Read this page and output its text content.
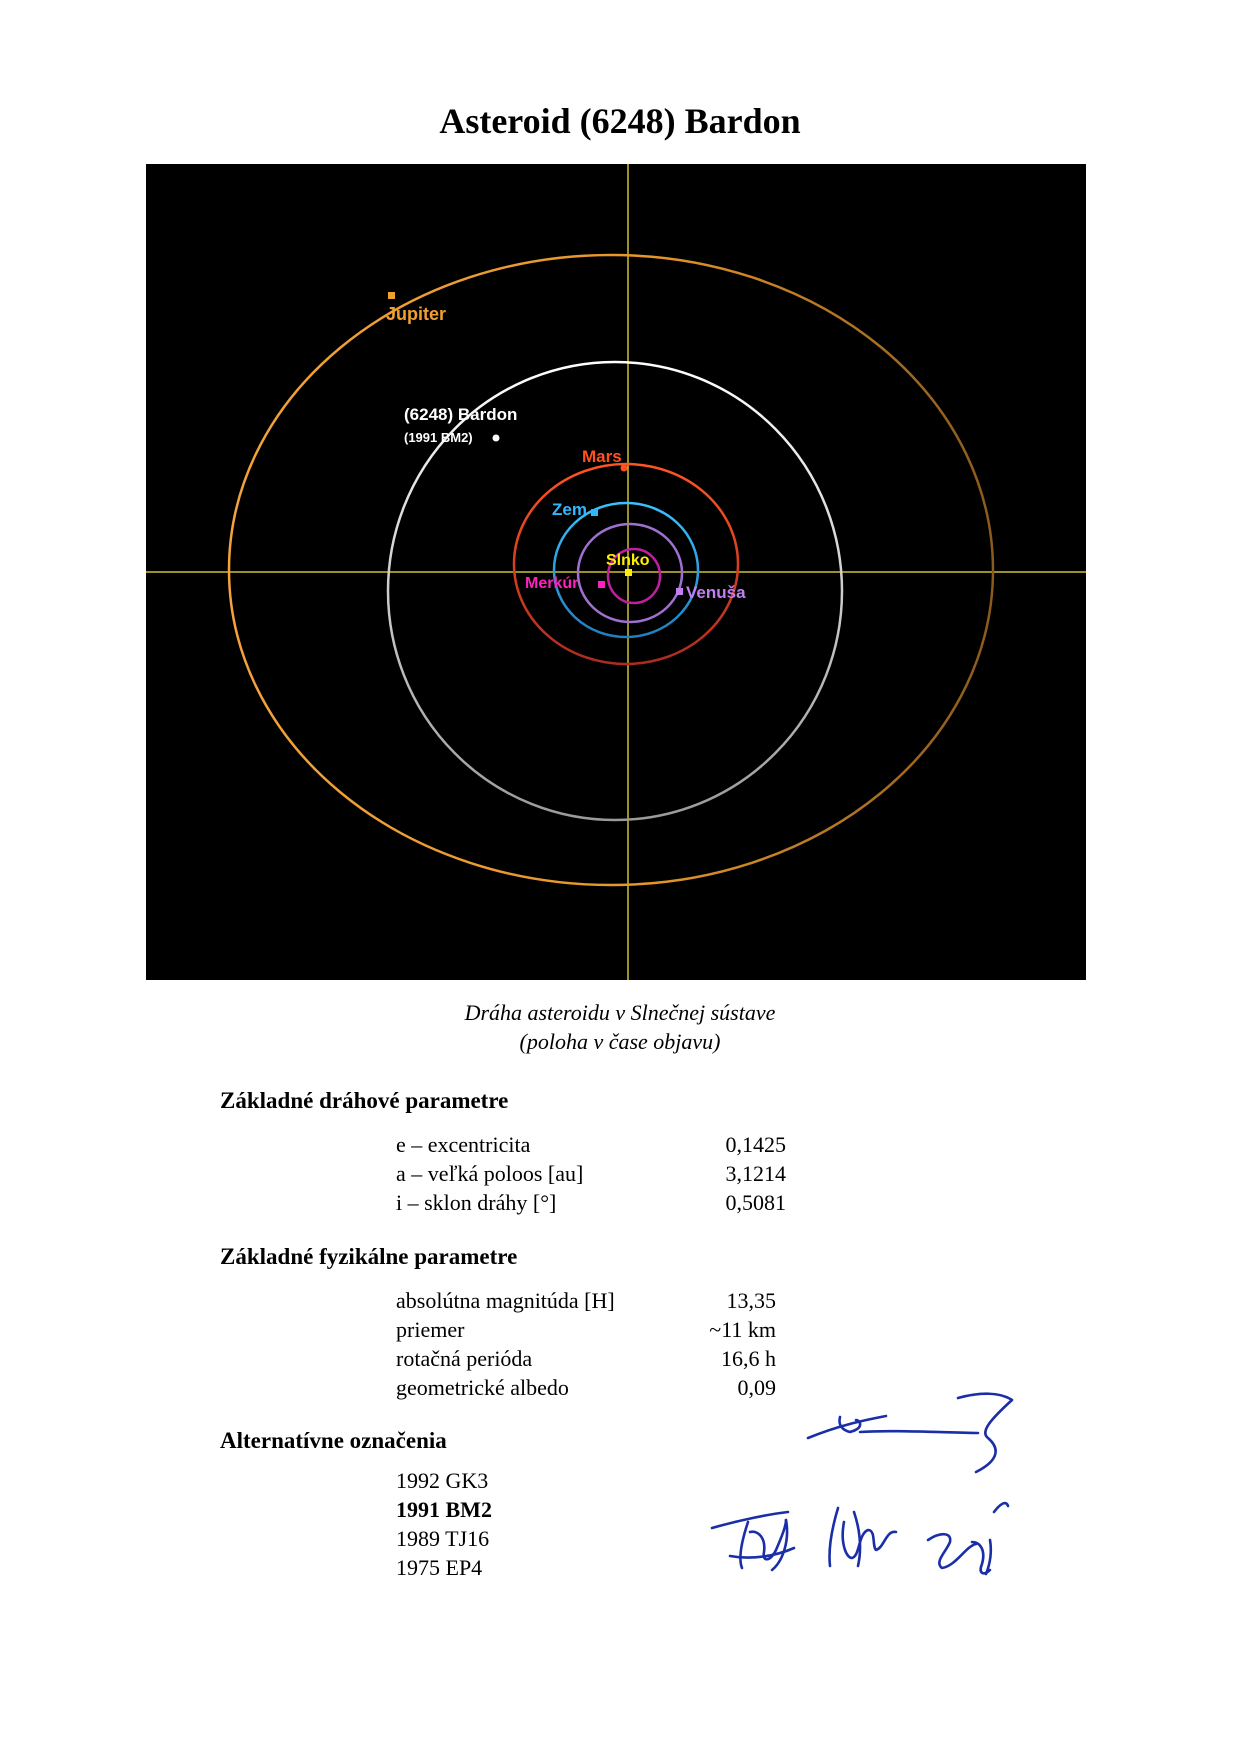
Asteroid (6248) Bardon
Jupiter
(6248) Bardon
(1991 BM2)
Mars
Zem
Slnko
Merkúr	Venuša
Dráha asteroidu v Slnečnej sústave
(poloha v čase objavu)
Základné dráhové parametre
e – excentricita	0,1425
a – veľká poloos [au]	3,1214
i – sklon dráhy [°]	0,5081
Základné fyzikálne parametre
absolútna magnitúda [H]	13,35
priemer	~11 km
rotačná perióda	16,6 h
geometrické albedo	0,09
Alternatívne označenia
1992 GK3
1991 BM2
1989 TJ16
1975 EP4
